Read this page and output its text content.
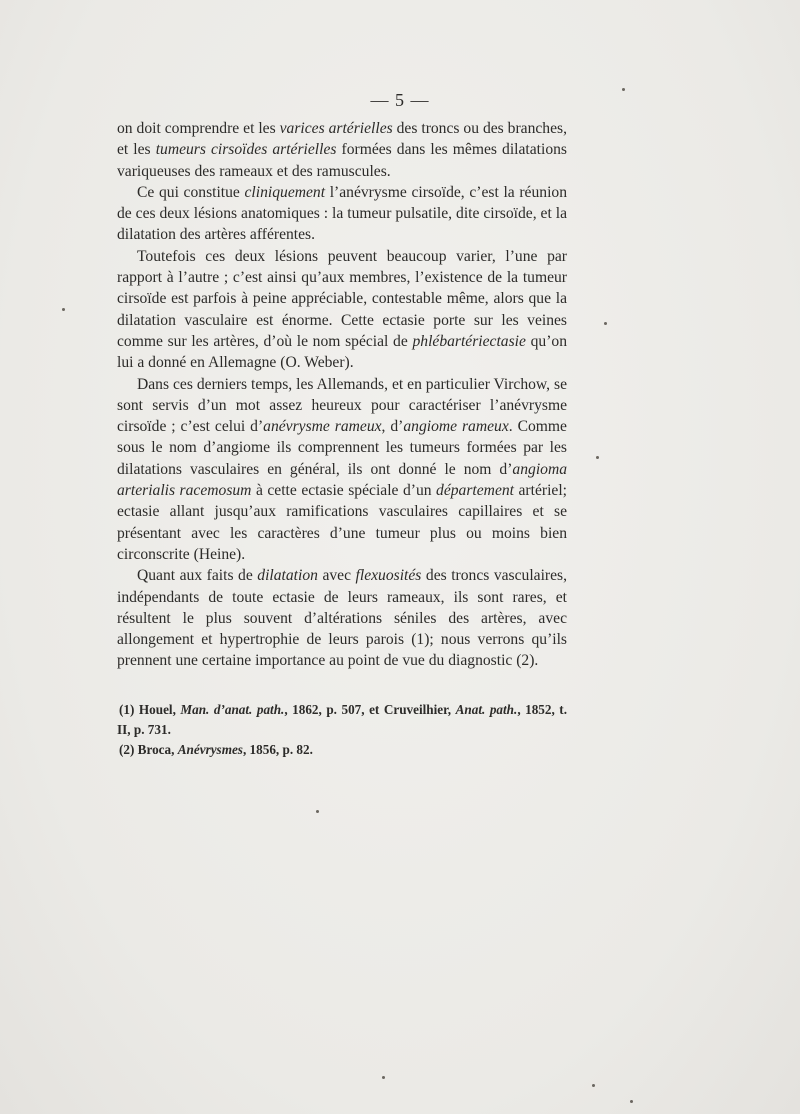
— 5 —

on doit comprendre et les varices artérielles des troncs ou des branches, et les tumeurs cirsoïdes artérielles formées dans les mêmes dilatations variqueuses des rameaux et des ramuscules.

Ce qui constitue cliniquement l’anévrysme cirsoïde, c’est la réunion de ces deux lésions anatomiques : la tumeur pulsatile, dite cirsoïde, et la dilatation des artères afférentes.

Toutefois ces deux lésions peuvent beaucoup varier, l’une par rapport à l’autre ; c’est ainsi qu’aux membres, l’existence de la tumeur cirsoïde est parfois à peine appréciable, contestable même, alors que la dilatation vasculaire est énorme. Cette ectasie porte sur les veines comme sur les artères, d’où le nom spécial de phlébartériectasie qu’on lui a donné en Allemagne (O. Weber).

Dans ces derniers temps, les Allemands, et en particulier Virchow, se sont servis d’un mot assez heureux pour caractériser l’anévrysme cirsoïde ; c’est celui d’anévrysme rameux, d’angiome rameux. Comme sous le nom d’angiome ils comprennent les tumeurs formées par les dilatations vasculaires en général, ils ont donné le nom d’angioma arterialis racemosum à cette ectasie spéciale d’un département artériel; ectasie allant jusqu’aux ramifications vasculaires capillaires et se présentant avec les caractères d’une tumeur plus ou moins bien circonscrite (Heine).

Quant aux faits de dilatation avec flexuosités des troncs vasculaires, indépendants de toute ectasie de leurs rameaux, ils sont rares, et résultent le plus souvent d’altérations séniles des artères, avec allongement et hypertrophie de leurs parois (1); nous verrons qu’ils prennent une certaine importance au point de vue du diagnostic (2).

(1) Houel, Man. d’anat. path., 1862, p. 507, et Cruveilhier, Anat. path., 1852, t. II, p. 731.

(2) Broca, Anévrysmes, 1856, p. 82.
